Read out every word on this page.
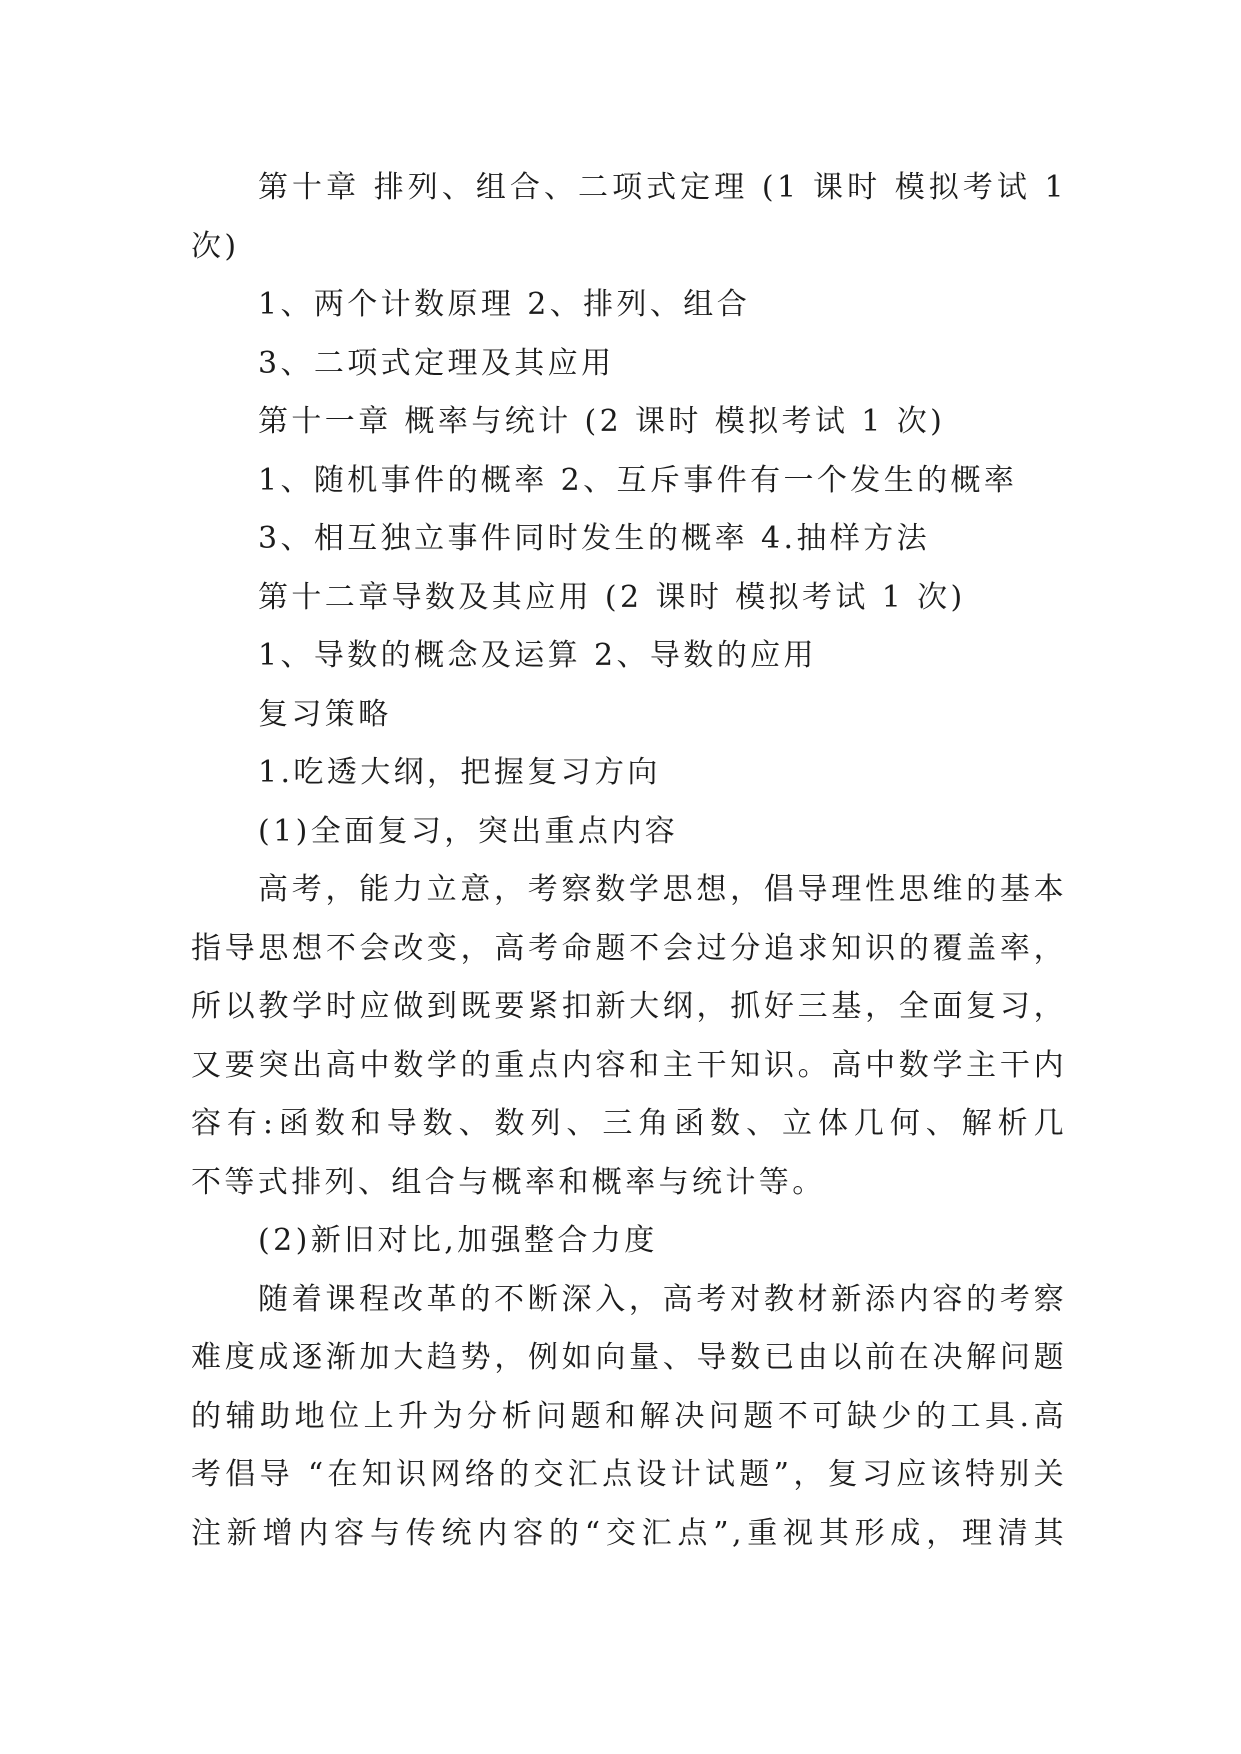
第十章 排列、组合、二项式定理 (1 课时 模拟考试 1
次)
1、两个计数原理 2、排列、组合
3、二项式定理及其应用
第十一章 概率与统计 (2 课时 模拟考试 1 次)
1、随机事件的概率 2、互斥事件有一个发生的概率
3、相互独立事件同时发生的概率 4.抽样方法
第十二章导数及其应用 (2 课时 模拟考试 1 次)
1、导数的概念及运算 2、导数的应用
复习策略
1.吃透大纲，把握复习方向
(1)全面复习，突出重点内容
高考，能力立意，考察数学思想，倡导理性思维的基本
指导思想不会改变，高考命题不会过分追求知识的覆盖率，
所以教学时应做到既要紧扣新大纲，抓好三基，全面复习，
又要突出高中数学的重点内容和主干知识。高中数学主干内
容有:函数和导数、数列、三角函数、立体几何、解析几
不等式排列、组合与概率和概率与统计等。
(2)新旧对比,加强整合力度
随着课程改革的不断深入，高考对教材新添内容的考察
难度成逐渐加大趋势，例如向量、导数已由以前在决解问题
的辅助地位上升为分析问题和解决问题不可缺少的工具.高
考倡导 “在知识网络的交汇点设计试题”，复习应该特别关
注新增内容与传统内容的“交汇点”,重视其形成，理清其
